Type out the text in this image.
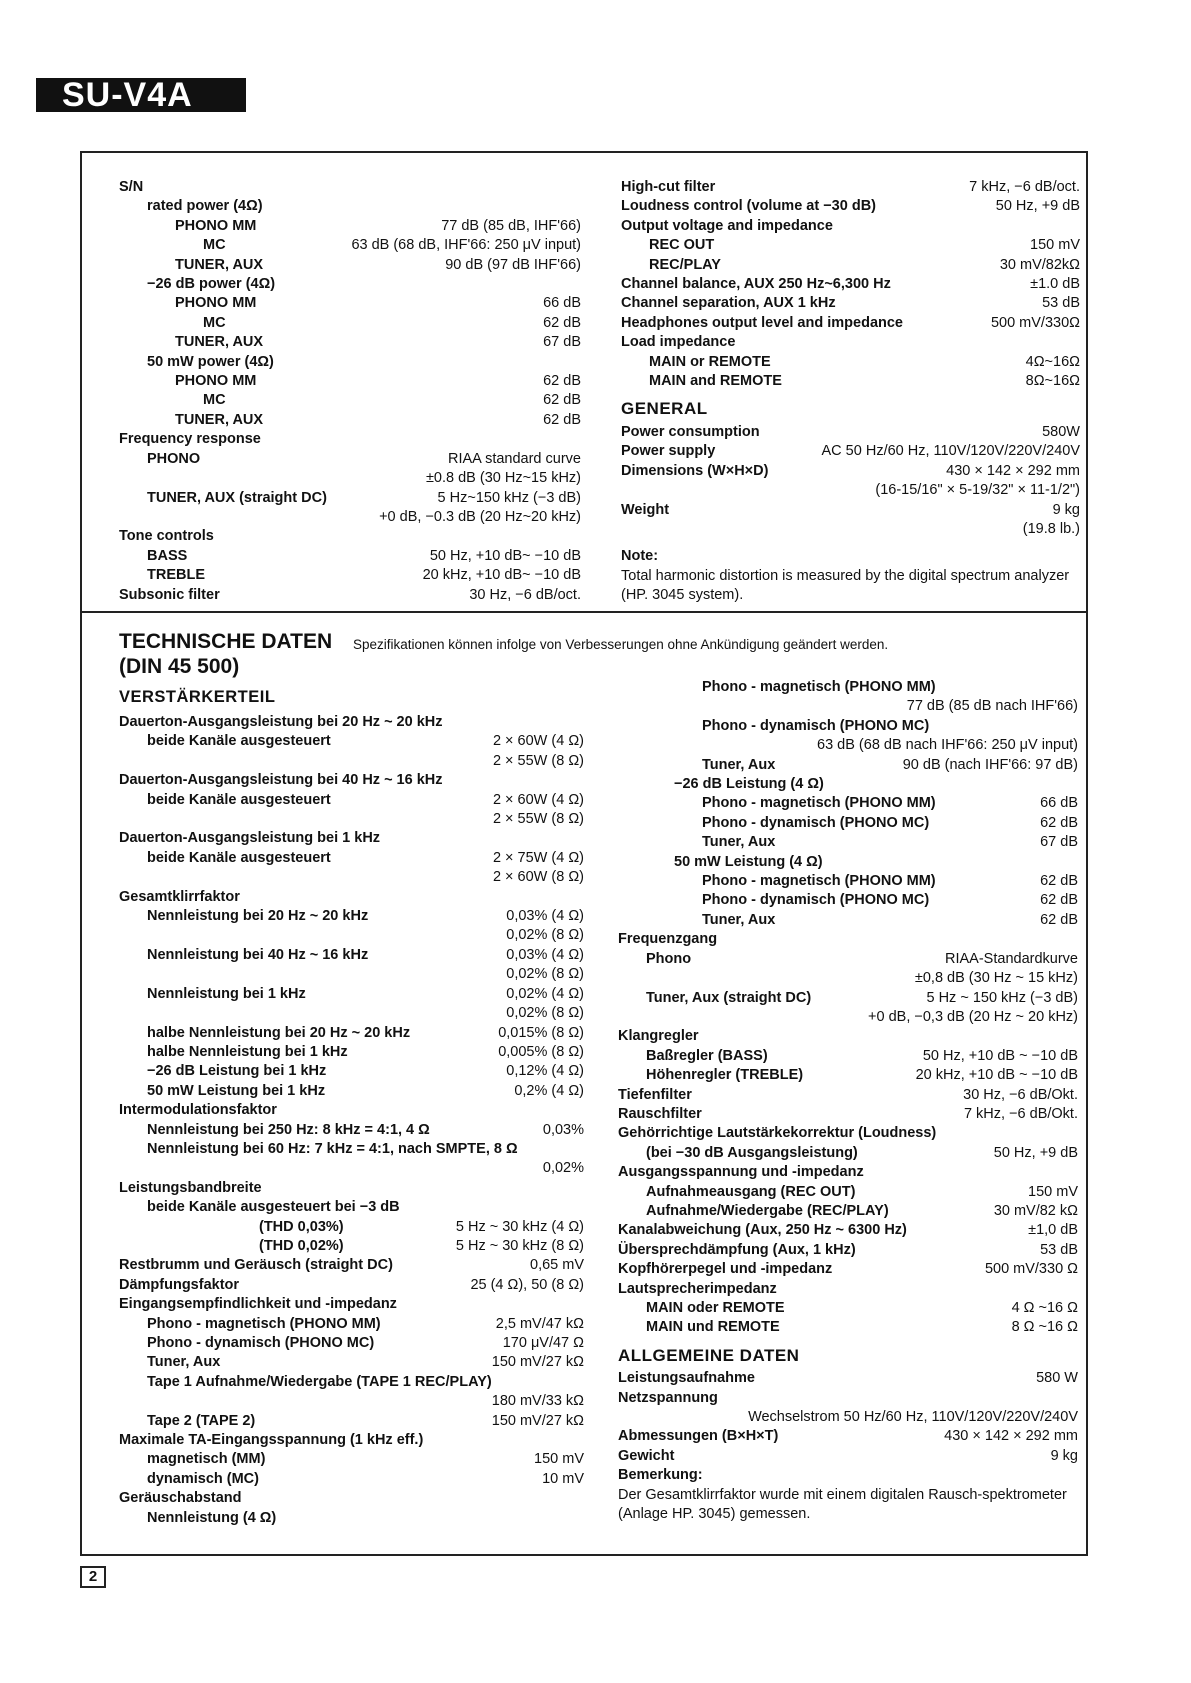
SU-V4A
S/N
rated power (4Ω)
PHONO MM	77 dB (85 dB, IHF'66)
MC	63 dB (68 dB, IHF'66: 250 μV input)
TUNER, AUX	90 dB (97 dB IHF'66)
−26 dB power (4Ω)
PHONO MM	66 dB
MC	62 dB
TUNER, AUX	67 dB
50 mW power (4Ω)
PHONO MM	62 dB
MC	62 dB
TUNER, AUX	62 dB
Frequency response
PHONO	RIAA standard curve
±0.8 dB (30 Hz~15 kHz)
TUNER, AUX (straight DC)	5 Hz~150 kHz (−3 dB)
+0 dB, −0.3 dB (20 Hz~20 kHz)
Tone controls
BASS	50 Hz, +10 dB~ −10 dB
TREBLE	20 kHz, +10 dB~ −10 dB
Subsonic filter	30 Hz, −6 dB/oct.
High-cut filter	7 kHz, −6 dB/oct.
Loudness control (volume at −30 dB)	50 Hz, +9 dB
Output voltage and impedance
REC OUT	150 mV
REC/PLAY	30 mV/82kΩ
Channel balance, AUX 250 Hz~6,300 Hz	±1.0 dB
Channel separation, AUX 1 kHz	53 dB
Headphones output level and impedance	500 mV/330Ω
Load impedance
MAIN or REMOTE	4Ω~16Ω
MAIN and REMOTE	8Ω~16Ω
GENERAL
Power consumption	580W
Power supply	AC 50 Hz/60 Hz, 110V/120V/220V/240V
Dimensions (W×H×D)	430 × 142 × 292 mm
(16-15/16" × 5-19/32" × 11-1/2")
Weight	9 kg
(19.8 lb.)
Note:
Total harmonic distortion is measured by the digital spectrum analyzer (HP. 3045 system).
TECHNISCHE DATEN
(DIN 45 500)
Spezifikationen können infolge von Verbesserungen ohne Ankündigung geändert werden.
VERSTÄRKERTEIL
Dauerton-Ausgangsleistung bei 20 Hz ~ 20 kHz
beide Kanäle ausgesteuert	2 × 60W (4 Ω)
2 × 55W (8 Ω)
Dauerton-Ausgangsleistung bei 40 Hz ~ 16 kHz
beide Kanäle ausgesteuert	2 × 60W (4 Ω)
2 × 55W (8 Ω)
Dauerton-Ausgangsleistung bei 1 kHz
beide Kanäle ausgesteuert	2 × 75W (4 Ω)
2 × 60W (8 Ω)
Gesamtklirrfaktor
Nennleistung bei 20 Hz ~ 20 kHz	0,03% (4 Ω)
0,02% (8 Ω)
Nennleistung bei 40 Hz ~ 16 kHz	0,03% (4 Ω)
0,02% (8 Ω)
Nennleistung bei 1 kHz	0,02% (4 Ω)
0,02% (8 Ω)
halbe Nennleistung bei 20 Hz ~ 20 kHz	0,015% (8 Ω)
halbe Nennleistung bei 1 kHz	0,005% (8 Ω)
−26 dB Leistung bei 1 kHz	0,12% (4 Ω)
50 mW Leistung bei 1 kHz	0,2% (4 Ω)
Intermodulationsfaktor
Nennleistung bei 250 Hz: 8 kHz = 4:1, 4 Ω	0,03%
Nennleistung bei 60 Hz: 7 kHz = 4:1, nach SMPTE, 8 Ω
0,02%
Leistungsbandbreite
beide Kanäle ausgesteuert bei −3 dB
(THD 0,03%)	5 Hz ~ 30 kHz (4 Ω)
(THD 0,02%)	5 Hz ~ 30 kHz (8 Ω)
Restbrumm und Geräusch (straight DC)	0,65 mV
Dämpfungsfaktor	25 (4 Ω), 50 (8 Ω)
Eingangsempfindlichkeit und -impedanz
Phono - magnetisch (PHONO MM)	2,5 mV/47 kΩ
Phono - dynamisch (PHONO MC)	170 μV/47 Ω
Tuner, Aux	150 mV/27 kΩ
Tape 1 Aufnahme/Wiedergabe (TAPE 1 REC/PLAY)
180 mV/33 kΩ
Tape 2 (TAPE 2)	150 mV/27 kΩ
Maximale TA-Eingangsspannung (1 kHz eff.)
magnetisch (MM)	150 mV
dynamisch (MC)	10 mV
Geräuschabstand
Nennleistung (4 Ω)
Phono - magnetisch (PHONO MM)
77 dB (85 dB nach IHF'66)
Phono - dynamisch (PHONO MC)
63 dB (68 dB nach IHF'66: 250 μV input)
Tuner, Aux	90 dB (nach IHF'66: 97 dB)
−26 dB Leistung (4 Ω)
Phono - magnetisch (PHONO MM)	66 dB
Phono - dynamisch (PHONO MC)	62 dB
Tuner, Aux	67 dB
50 mW Leistung (4 Ω)
Phono - magnetisch (PHONO MM)	62 dB
Phono - dynamisch (PHONO MC)	62 dB
Tuner, Aux	62 dB
Frequenzgang
Phono	RIAA-Standardkurve
±0,8 dB (30 Hz ~ 15 kHz)
Tuner, Aux (straight DC)	5 Hz ~ 150 kHz (−3 dB)
+0 dB, −0,3 dB (20 Hz ~ 20 kHz)
Klangregler
Baßregler (BASS)	50 Hz, +10 dB ~ −10 dB
Höhenregler (TREBLE)	20 kHz, +10 dB ~ −10 dB
Tiefenfilter	30 Hz, −6 dB/Okt.
Rauschfilter	7 kHz, −6 dB/Okt.
Gehörrichtige Lautstärkekorrektur (Loudness)
(bei −30 dB Ausgangsleistung)	50 Hz, +9 dB
Ausgangsspannung und -impedanz
Aufnahmeausgang (REC OUT)	150 mV
Aufnahme/Wiedergabe (REC/PLAY)	30 mV/82 kΩ
Kanalabweichung (Aux, 250 Hz ~ 6300 Hz)	±1,0 dB
Übersprechdämpfung (Aux, 1 kHz)	53 dB
Kopfhörerpegel und -impedanz	500 mV/330 Ω
Lautsprecherimpedanz
MAIN oder REMOTE	4 Ω ~16 Ω
MAIN und REMOTE	8 Ω ~16 Ω
ALLGEMEINE DATEN
Leistungsaufnahme	580 W
Netzspannung
Wechselstrom 50 Hz/60 Hz, 110V/120V/220V/240V
Abmessungen (B×H×T)	430 × 142 × 292 mm
Gewicht	9 kg
Bemerkung:
Der Gesamtklirrfaktor wurde mit einem digitalen Rausch-spektrometer (Anlage HP. 3045) gemessen.
2
